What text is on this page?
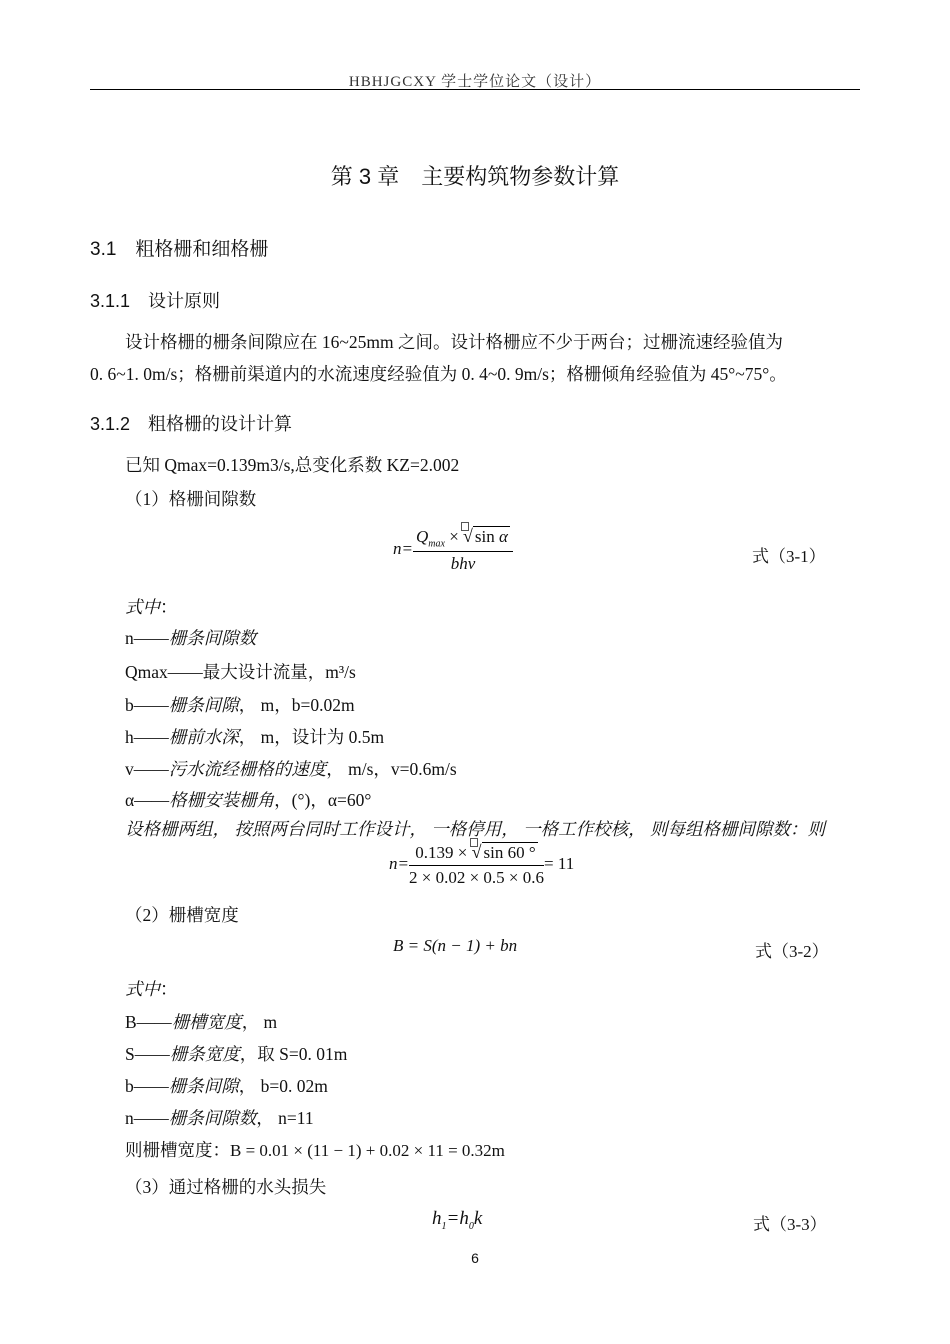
HBHJGCXY 学士学位论文（设计）
第 3 章　主要构筑物参数计算
3.1　粗格栅和细格栅
3.1.1　设计原则
设计格栅的栅条间隙应在 16~25mm 之间。设计格栅应不少于两台；过栅流速经验值为
0. 6~1. 0m/s；格栅前渠道内的水流速度经验值为 0. 4~0. 9m/s；格栅倾角经验值为 45°~75°。
3.1.2　粗格栅的设计计算
已知 Qmax=0.139m3/s,总变化系数 KZ=2.002
（1）格栅间隙数
$n= \frac{Q_{max} \times √ \sin \alpha}{\text{bhv}}$	式（3-1）
式中：
n——栅条间隙数
Qmax——最大设计流量，m³/s
b——栅条间隙， m，b=0.02m
h——栅前水深， m，设计为 0.5m
v——污水流经栅格的速度， m/s，v=0.6m/s
α——格栅安装栅角，(°)，α=60°
设格栅两组， 按照两台同时工作设计， 一格停用， 一格工作校核， 则每组格栅间隙数：则
$n= \frac{0.139 \times √ \sin 60 ^\circ}{2 \times 0.02 \times 0.5 \times 0.6} = 11$
（2）栅槽宽度
B = S(n − 1) + bn	式（3-2）
式中：
B——栅槽宽度， m
S——栅条宽度，取 S=0. 01m
b——栅条间隙， b=0. 02m
n——栅条间隙数， n=11
则栅槽宽度：B = 0.01 × (11 − 1) + 0.02 × 11 = 0.32m
（3）通过格栅的水头损失
$h_1=h_0k$	式（3-3）
6
